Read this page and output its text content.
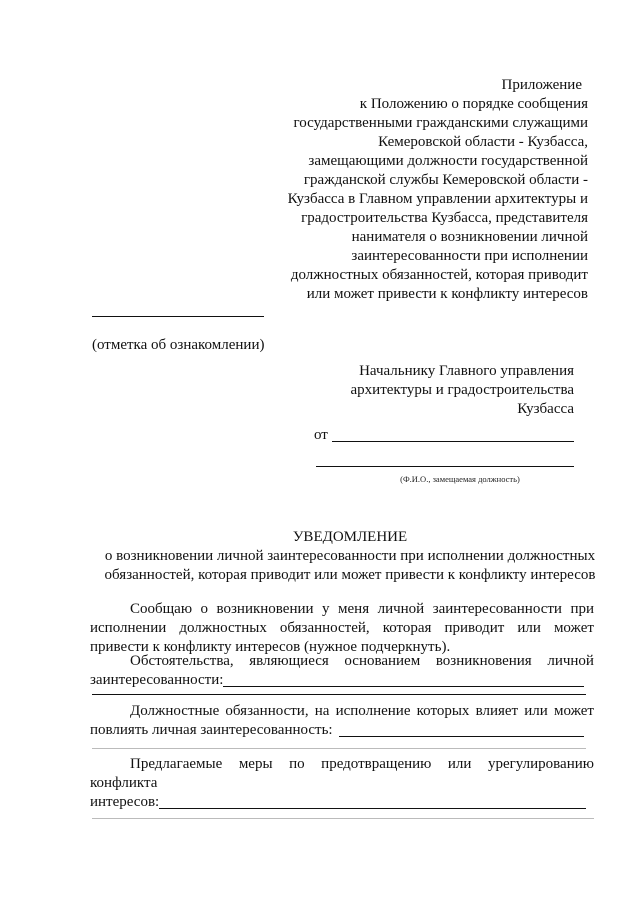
Приложение
к Положению о порядке сообщения
государственными гражданскими служащими
Кемеровской области - Кузбасса,
замещающими должности государственной
гражданской службы Кемеровской области -
Кузбасса в Главном управлении архитектуры и
градостроительства Кузбасса, представителя
нанимателя о возникновении личной
заинтересованности при исполнении
должностных обязанностей, которая приводит
или может привести к конфликту интересов
(отметка об ознакомлении)
Начальнику Главного управления
архитектуры и градостроительства
Кузбасса
от
(Ф.И.О., замещаемая должность)
УВЕДОМЛЕНИЕ
о возникновении личной заинтересованности при исполнении должностных
обязанностей, которая приводит или может привести к конфликту интересов
Сообщаю о возникновении у меня личной заинтересованности при
исполнении должностных обязанностей, которая приводит или может
привести к конфликту интересов (нужное подчеркнуть).
Обстоятельства, являющиеся основанием возникновения личной
заинтересованности:
Должностные обязанности, на исполнение которых влияет или может
повлиять личная заинтересованность:
Предлагаемые меры по предотвращению или урегулированию
конфликта
интересов:
